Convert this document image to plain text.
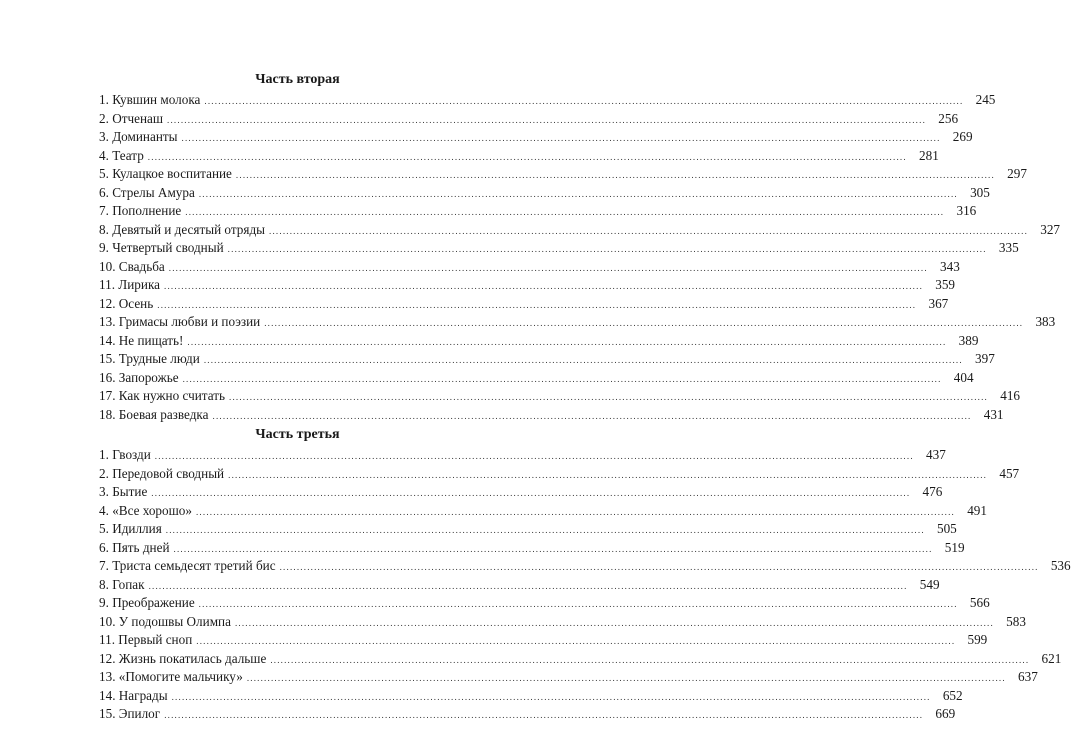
Часть вторая
1. Кувшин молока ............................................................................................................................................................................................................................ 245
2. Отченаш ............................................................................................................................................................................................................................ 256
3. Доминанты ............................................................................................................................................................................................................................ 269
4. Театр ............................................................................................................................................................................................................................ 281
5. Кулацкое воспитание ............................................................................................................................................................................................................................ 297
6. Стрелы Амура ............................................................................................................................................................................................................................ 305
7. Пополнение ............................................................................................................................................................................................................................ 316
8. Девятый и десятый отряды ............................................................................................................................................................................................................................ 327
9. Четвертый сводный ............................................................................................................................................................................................................................ 335
10. Свадьба ............................................................................................................................................................................................................................ 343
11. Лирика ............................................................................................................................................................................................................................ 359
12. Осень ............................................................................................................................................................................................................................ 367
13. Гримасы любви и поэзии ............................................................................................................................................................................................................................ 383
14. Не пищать! ............................................................................................................................................................................................................................ 389
15. Трудные люди ............................................................................................................................................................................................................................ 397
16. Запорожье ............................................................................................................................................................................................................................ 404
17. Как нужно считать ............................................................................................................................................................................................................................ 416
18. Боевая разведка ............................................................................................................................................................................................................................ 431
Часть третья
1. Гвозди ............................................................................................................................................................................................................................ 437
2. Передовой сводный ............................................................................................................................................................................................................................ 457
3. Бытие ............................................................................................................................................................................................................................ 476
4. «Все хорошо» ............................................................................................................................................................................................................................ 491
5. Идиллия ............................................................................................................................................................................................................................ 505
6. Пять дней ............................................................................................................................................................................................................................ 519
7. Триста семьдесят третий бис ............................................................................................................................................................................................................................ 536
8. Гопак ............................................................................................................................................................................................................................ 549
9. Преображение ............................................................................................................................................................................................................................ 566
10. У подошвы Олимпа ............................................................................................................................................................................................................................ 583
11. Первый сноп ............................................................................................................................................................................................................................ 599
12. Жизнь покатилась дальше ............................................................................................................................................................................................................................ 621
13. «Помогите мальчику» ............................................................................................................................................................................................................................ 637
14. Награды ............................................................................................................................................................................................................................ 652
15. Эпилог ............................................................................................................................................................................................................................ 669
